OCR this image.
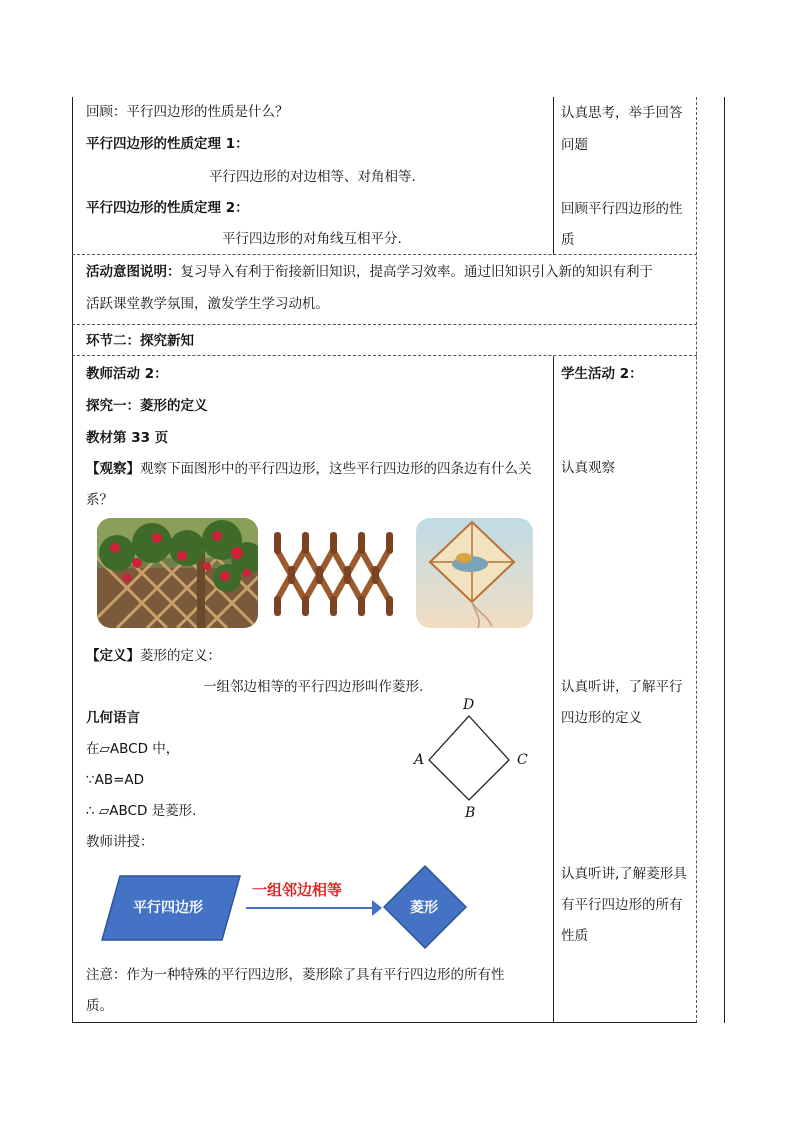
回顾：平行四边形的性质是什么？
平行四边形的性质定理 1：
平行四边形的对边相等、对角相等.
平行四边形的性质定理 2：
平行四边形的对角线互相平分.
认真思考，举手回答
问题
回顾平行四边形的性
质
活动意图说明：复习导入有利于衔接新旧知识，提高学习效率。通过旧知识引入新的知识有利于
活跃课堂教学氛围，激发学生学习动机。
环节二：探究新知
教师活动 2：
探究一：菱形的定义
教材第 33 页
【观察】观察下面图形中的平行四边形，这些平行四边形的四条边有什么关
系？
【定义】菱形的定义：
一组邻边相等的平行四边形叫作菱形.
几何语言
在▱ABCD 中，
∵AB=AD
∴ ▱ABCD 是菱形.
教师讲授：
D
A	C
B
平行四边形
一组邻边相等
菱形
注意：作为一种特殊的平行四边形，菱形除了具有平行四边形的所有性
质。
学生活动 2：
认真观察
认真听讲，了解平行
四边形的定义
认真听讲,了解菱形具
有平行四边形的所有
性质
